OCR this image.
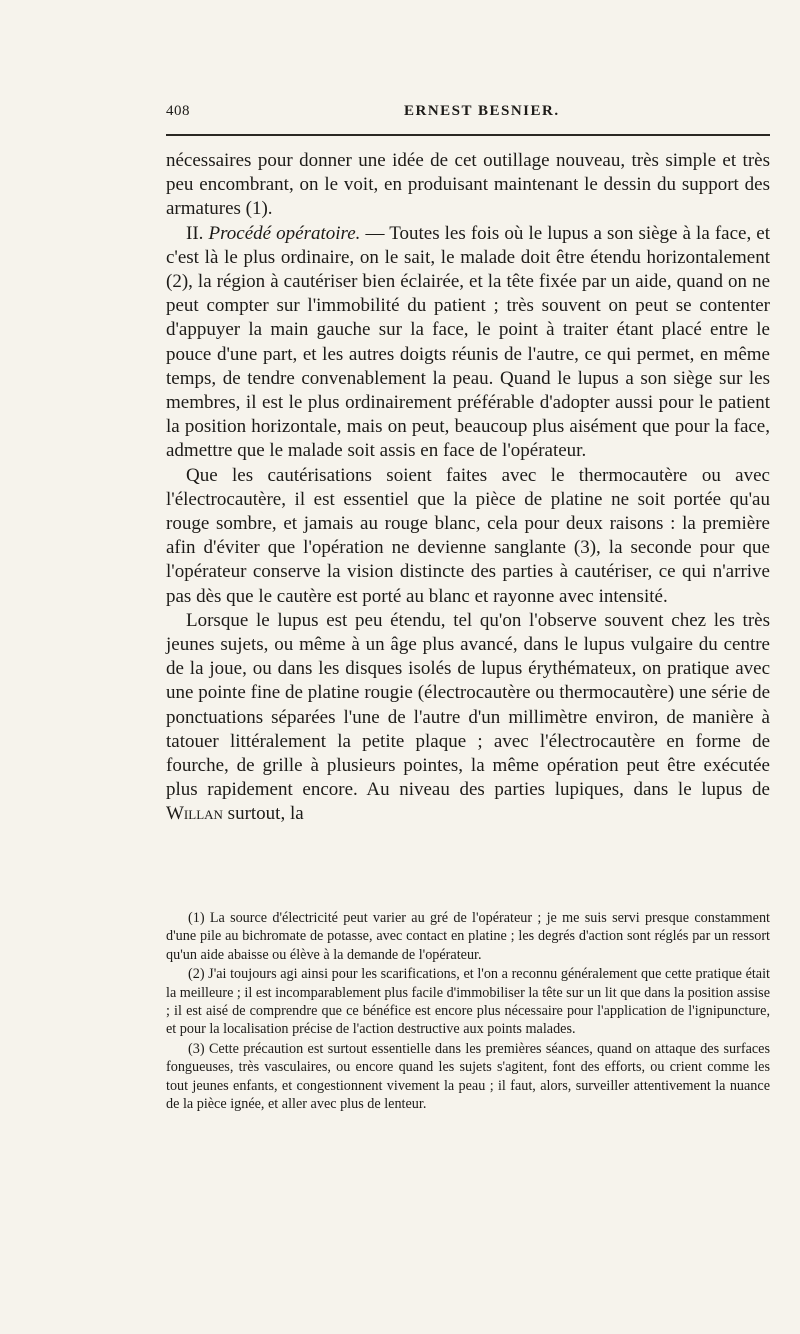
408	ERNEST BESNIER.

nécessaires pour donner une idée de cet outillage nouveau, très simple et très peu encombrant, on le voit, en produisant maintenant le dessin du support des armatures (1).

II. Procédé opératoire. — Toutes les fois où le lupus a son siège à la face, et c'est là le plus ordinaire, on le sait, le malade doit être étendu horizontalement (2), la région à cautériser bien éclairée, et la tête fixée par un aide, quand on ne peut compter sur l'immobilité du patient ; très souvent on peut se contenter d'appuyer la main gauche sur la face, le point à traiter étant placé entre le pouce d'une part, et les autres doigts réunis de l'autre, ce qui permet, en même temps, de tendre convenablement la peau. Quand le lupus a son siège sur les membres, il est le plus ordinairement préférable d'adopter aussi pour le patient la position horizontale, mais on peut, beaucoup plus aisément que pour la face, admettre que le malade soit assis en face de l'opérateur.

Que les cautérisations soient faites avec le thermocautère ou avec l'électrocautère, il est essentiel que la pièce de platine ne soit portée qu'au rouge sombre, et jamais au rouge blanc, cela pour deux raisons : la première afin d'éviter que l'opération ne devienne sanglante (3), la seconde pour que l'opérateur conserve la vision distincte des parties à cautériser, ce qui n'arrive pas dès que le cautère est porté au blanc et rayonne avec intensité.

Lorsque le lupus est peu étendu, tel qu'on l'observe souvent chez les très jeunes sujets, ou même à un âge plus avancé, dans le lupus vulgaire du centre de la joue, ou dans les disques isolés de lupus érythémateux, on pratique avec une pointe fine de platine rougie (électrocautère ou thermocautère) une série de ponctuations séparées l'une de l'autre d'un millimètre environ, de manière à tatouer littéralement la petite plaque ; avec l'électrocautère en forme de fourche, de grille à plusieurs pointes, la même opération peut être exécutée plus rapidement encore. Au niveau des parties lupiques, dans le lupus de Willan surtout, la

(1) La source d'électricité peut varier au gré de l'opérateur ; je me suis servi presque constamment d'une pile au bichromate de potasse, avec contact en platine ; les degrés d'action sont réglés par un ressort qu'un aide abaisse ou élève à la demande de l'opérateur.

(2) J'ai toujours agi ainsi pour les scarifications, et l'on a reconnu généralement que cette pratique était la meilleure ; il est incomparablement plus facile d'immobiliser la tête sur un lit que dans la position assise ; il est aisé de comprendre que ce bénéfice est encore plus nécessaire pour l'application de l'ignipuncture, et pour la localisation précise de l'action destructive aux points malades.

(3) Cette précaution est surtout essentielle dans les premières séances, quand on attaque des surfaces fongueuses, très vasculaires, ou encore quand les sujets s'agitent, font des efforts, ou crient comme les tout jeunes enfants, et congestionnent vivement la peau ; il faut, alors, surveiller attentivement la nuance de la pièce ignée, et aller avec plus de lenteur.
